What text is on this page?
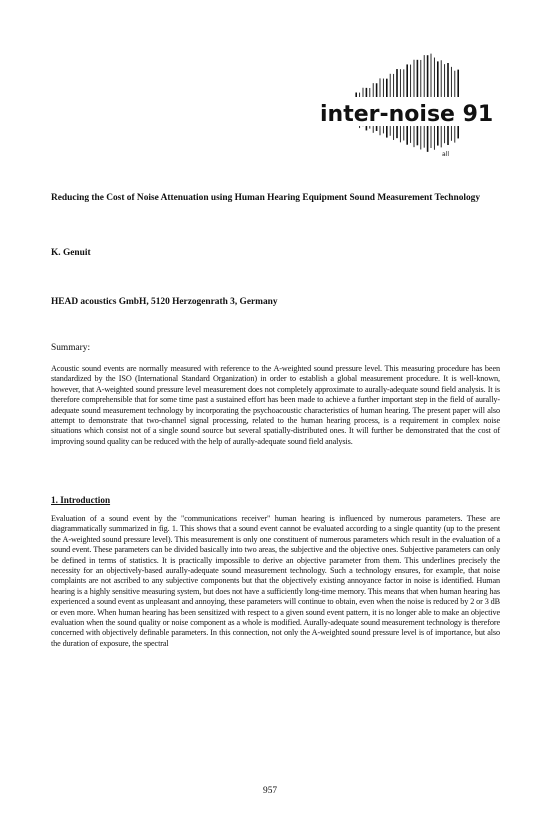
inter-noise 91
all
Reducing the Cost of Noise Attenuation using Human Hearing Equipment Sound Measurement Technology

K. Genuit

HEAD acoustics GmbH, 5120 Herzogenrath 3, Germany

Summary:

Acoustic sound events are normally measured with reference to the A-weighted sound pressure level. This measuring procedure has been standardized by the ISO (International Standard Organization) in order to establish a global measurement procedure. It is well-known, however, that A-weighted sound pressure level measurement does not completely approximate to aurally-adequate sound field analysis. It is therefore comprehensible that for some time past a sustained effort has been made to achieve a further important step in the field of aurally-adequate sound measurement technology by incorporating the psychoacoustic characteristics of human hearing. The present paper will also attempt to demonstrate that two-channel signal processing, related to the human hearing process, is a requirement in complex noise situations which consist not of a single sound source but several spatially-distributed ones. It will further be demonstrated that the cost of improving sound quality can be reduced with the help of aurally-adequate sound field analysis.

1. Introduction

Evaluation of a sound event by the "communications receiver" human hearing is influenced by numerous parameters. These are diagrammatically summarized in fig. 1. This shows that a sound event cannot be evaluated according to a single quantity (up to the present the A-weighted sound pressure level). This measurement is only one constituent of numerous parameters which result in the evaluation of a sound event. These parameters can be divided basically into two areas, the subjective and the objective ones. Subjective parameters can only be defined in terms of statistics. It is practically impossible to derive an objective parameter from them. This underlines precisely the necessity for an objectively-based aurally-adequate sound measurement technology. Such a technology ensures, for example, that noise complaints are not ascribed to any subjective components but that the objectively existing annoyance factor in noise is identified. Human hearing is a highly sensitive measuring system, but does not have a sufficiently long-time memory. This means that when human hearing has experienced a sound event as unpleasant and annoying, these parameters will continue to obtain, even when the noise is reduced by 2 or 3 dB or even more. When human hearing has been sensitized with respect to a given sound event pattern, it is no longer able to make an objective evaluation when the sound quality or noise component as a whole is modified. Aurally-adequate sound measurement technology is therefore concerned with objectively definable parameters. In this connection, not only the A-weighted sound pressure level is of importance, but also the duration of exposure, the spectral

957
